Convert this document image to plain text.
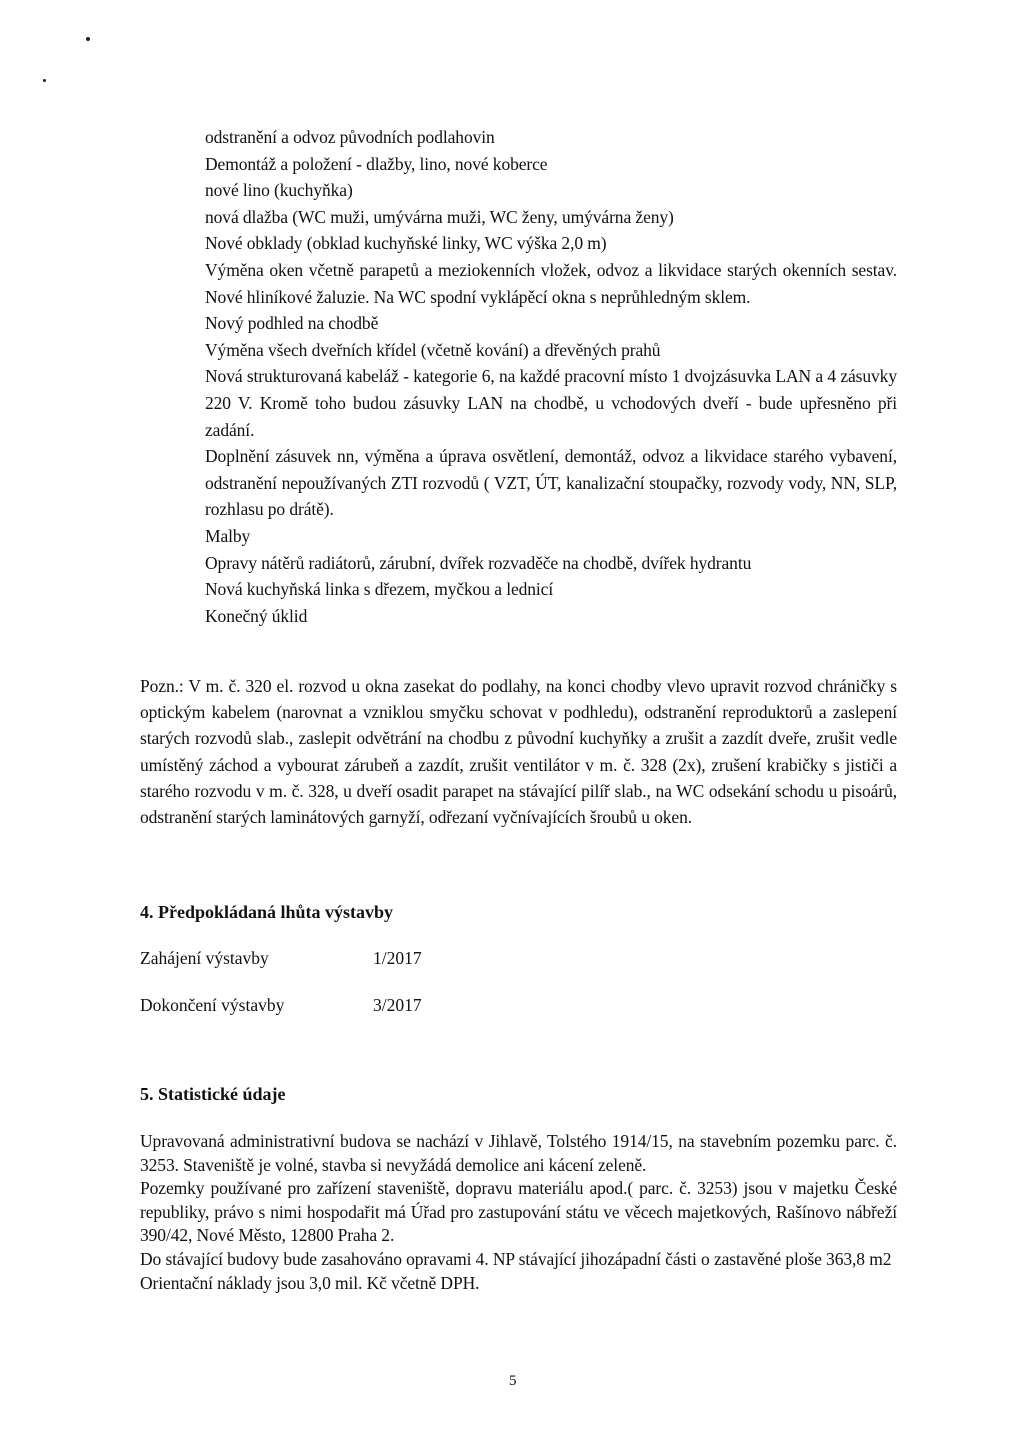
odstranění a odvoz původních podlahovin

Demontáž a položení - dlažby, lino, nové koberce

nové lino (kuchyňka)

nová dlažba (WC muži, umývárna muži, WC ženy, umývárna ženy)

Nové obklady (obklad kuchyňské linky, WC výška 2,0 m)

Výměna oken včetně parapetů a meziokenních vložek, odvoz a likvidace starých okenních sestav. Nové hliníkové žaluzie. Na WC spodní vyklápěcí okna s neprůhledným sklem.

Nový podhled na chodbě

Výměna všech dveřních křídel (včetně kování) a dřevěných prahů

Nová strukturovaná kabeláž - kategorie 6, na každé pracovní místo 1 dvojzásuvka LAN a 4 zásuvky 220 V. Kromě toho budou zásuvky LAN na chodbě, u vchodových dveří - bude upřesněno při zadání.

Doplnění zásuvek nn, výměna a úprava osvětlení, demontáž, odvoz a likvidace starého vybavení, odstranění nepoužívaných ZTI rozvodů ( VZT, ÚT, kanalizační stoupačky, rozvody vody, NN, SLP, rozhlasu po drátě).

Malby

Opravy nátěrů radiátorů, zárubní, dvířek rozvaděče na chodbě, dvířek hydrantu

Nová kuchyňská linka s dřezem, myčkou a lednicí

Konečný úklid

Pozn.: V m. č. 320 el. rozvod u okna zasekat do podlahy, na konci chodby vlevo upravit rozvod chráničky s optickým kabelem (narovnat a vzniklou smyčku schovat v podhledu), odstranění reproduktorů a zaslepení starých rozvodů slab., zaslepit odvětrání na chodbu z původní kuchyňky a zrušit a zazdít dveře, zrušit vedle umístěný záchod a vybourat zárubeň a zazdít, zrušit ventilátor v m. č. 328 (2x), zrušení krabičky s jističi a starého rozvodu v m. č. 328, u dveří osadit parapet na stávající pilíř slab., na WC odsekání schodu u pisoárů, odstranění starých laminátových garnyží, odřezaní vyčnívajících šroubů u oken.

4. Předpokládaná lhůta výstavby
Zahájení výstavby	1/2017
Dokončení výstavby	3/2017
5. Statistické údaje

Upravovaná administrativní budova se nachází v Jihlavě, Tolstého 1914/15, na stavebním pozemku parc. č. 3253. Staveniště je volné, stavba si nevyžádá demolice ani kácení zeleně.

Pozemky používané pro zařízení staveniště, dopravu materiálu apod.( parc. č. 3253) jsou v majetku České republiky, právo s nimi hospodařit má Úřad pro zastupování státu ve věcech majetkových, Rašínovo nábřeží 390/42, Nové Město, 12800 Praha 2.

Do stávající budovy bude zasahováno opravami 4. NP stávající jihozápadní části o zastavěné ploše 363,8 m2

Orientační náklady jsou 3,0 mil. Kč včetně DPH.

5
